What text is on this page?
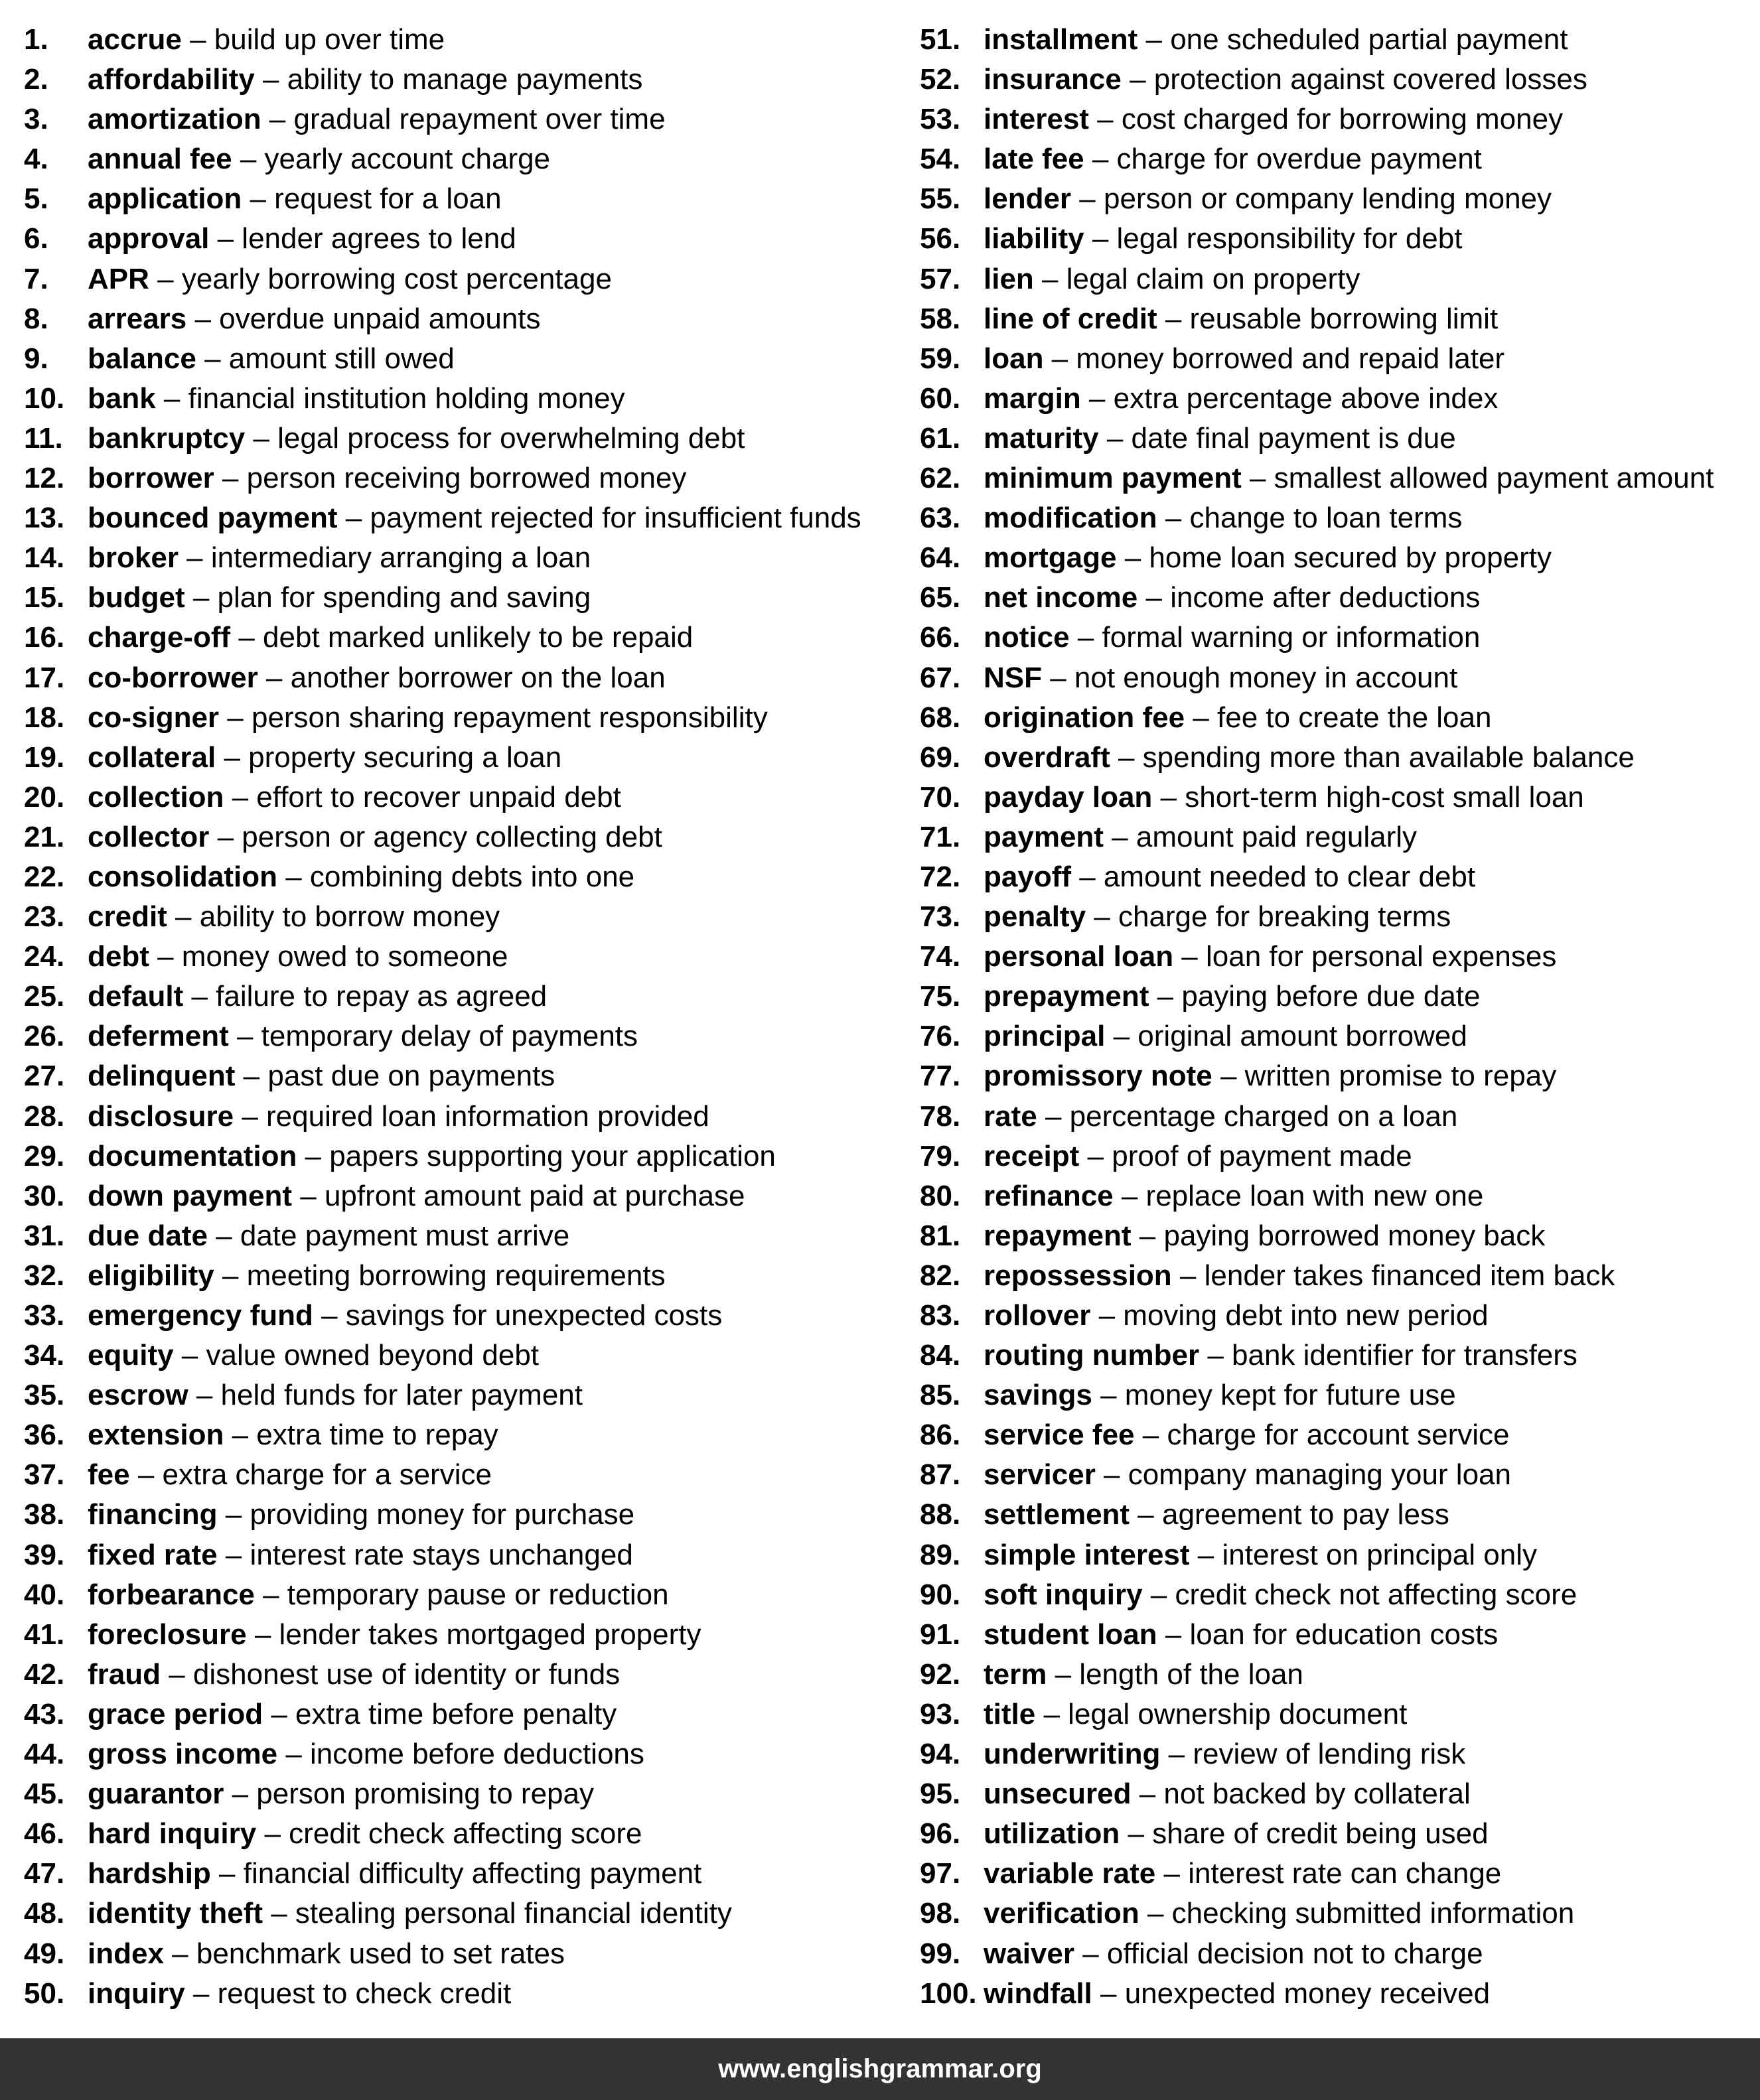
1. accrue – build up over time
2. affordability – ability to manage payments
3. amortization – gradual repayment over time
4. annual fee – yearly account charge
5. application – request for a loan
6. approval – lender agrees to lend
7. APR – yearly borrowing cost percentage
8. arrears – overdue unpaid amounts
9. balance – amount still owed
10. bank – financial institution holding money
11. bankruptcy – legal process for overwhelming debt
12. borrower – person receiving borrowed money
13. bounced payment – payment rejected for insufficient funds
14. broker – intermediary arranging a loan
15. budget – plan for spending and saving
16. charge-off – debt marked unlikely to be repaid
17. co-borrower – another borrower on the loan
18. co-signer – person sharing repayment responsibility
19. collateral – property securing a loan
20. collection – effort to recover unpaid debt
21. collector – person or agency collecting debt
22. consolidation – combining debts into one
23. credit – ability to borrow money
24. debt – money owed to someone
25. default – failure to repay as agreed
26. deferment – temporary delay of payments
27. delinquent – past due on payments
28. disclosure – required loan information provided
29. documentation – papers supporting your application
30. down payment – upfront amount paid at purchase
31. due date – date payment must arrive
32. eligibility – meeting borrowing requirements
33. emergency fund – savings for unexpected costs
34. equity – value owned beyond debt
35. escrow – held funds for later payment
36. extension – extra time to repay
37. fee – extra charge for a service
38. financing – providing money for purchase
39. fixed rate – interest rate stays unchanged
40. forbearance – temporary pause or reduction
41. foreclosure – lender takes mortgaged property
42. fraud – dishonest use of identity or funds
43. grace period – extra time before penalty
44. gross income – income before deductions
45. guarantor – person promising to repay
46. hard inquiry – credit check affecting score
47. hardship – financial difficulty affecting payment
48. identity theft – stealing personal financial identity
49. index – benchmark used to set rates
50. inquiry – request to check credit
51. installment – one scheduled partial payment
52. insurance – protection against covered losses
53. interest – cost charged for borrowing money
54. late fee – charge for overdue payment
55. lender – person or company lending money
56. liability – legal responsibility for debt
57. lien – legal claim on property
58. line of credit – reusable borrowing limit
59. loan – money borrowed and repaid later
60. margin – extra percentage above index
61. maturity – date final payment is due
62. minimum payment – smallest allowed payment amount
63. modification – change to loan terms
64. mortgage – home loan secured by property
65. net income – income after deductions
66. notice – formal warning or information
67. NSF – not enough money in account
68. origination fee – fee to create the loan
69. overdraft – spending more than available balance
70. payday loan – short-term high-cost small loan
71. payment – amount paid regularly
72. payoff – amount needed to clear debt
73. penalty – charge for breaking terms
74. personal loan – loan for personal expenses
75. prepayment – paying before due date
76. principal – original amount borrowed
77. promissory note – written promise to repay
78. rate – percentage charged on a loan
79. receipt – proof of payment made
80. refinance – replace loan with new one
81. repayment – paying borrowed money back
82. repossession – lender takes financed item back
83. rollover – moving debt into new period
84. routing number – bank identifier for transfers
85. savings – money kept for future use
86. service fee – charge for account service
87. servicer – company managing your loan
88. settlement – agreement to pay less
89. simple interest – interest on principal only
90. soft inquiry – credit check not affecting score
91. student loan – loan for education costs
92. term – length of the loan
93. title – legal ownership document
94. underwriting – review of lending risk
95. unsecured – not backed by collateral
96. utilization – share of credit being used
97. variable rate – interest rate can change
98. verification – checking submitted information
99. waiver – official decision not to charge
100. windfall – unexpected money received
www.englishgrammar.org
